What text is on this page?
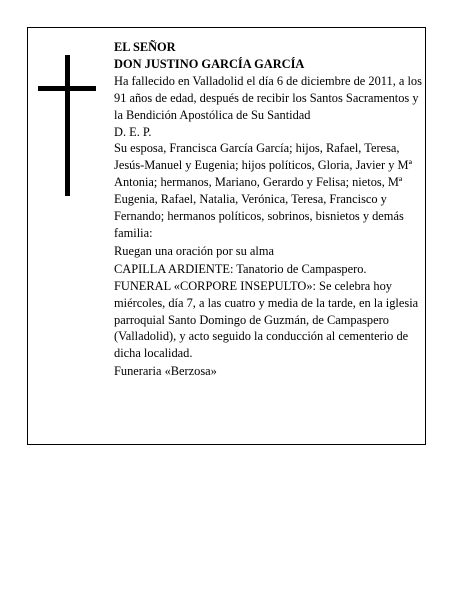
EL SEÑOR

DON JUSTINO GARCÍA GARCÍA

Ha fallecido en Valladolid el día 6 de diciembre de 2011, a los 91 años de edad, después de recibir los Santos Sacramentos y la Bendición Apostólica de Su Santidad

D. E. P.

Su esposa, Francisca García García; hijos, Rafael, Teresa, Jesús-Manuel y Eugenia; hijos políticos, Gloria, Javier y Mª Antonia; hermanos, Mariano, Gerardo y Felisa; nietos, Mª Eugenia, Rafael, Natalia, Verónica, Teresa, Francisco y Fernando; hermanos políticos, sobrinos, bisnietos y demás familia:

Ruegan una oración por su alma

CAPILLA ARDIENTE: Tanatorio de Campaspero.

FUNERAL «CORPORE INSEPULTO»: Se celebra hoy miércoles, día 7, a las cuatro y media de la tarde, en la iglesia parroquial Santo Domingo de Guzmán, de Campaspero (Valladolid), y acto seguido la conducción al cementerio de dicha localidad.

Funeraria «Berzosa»
